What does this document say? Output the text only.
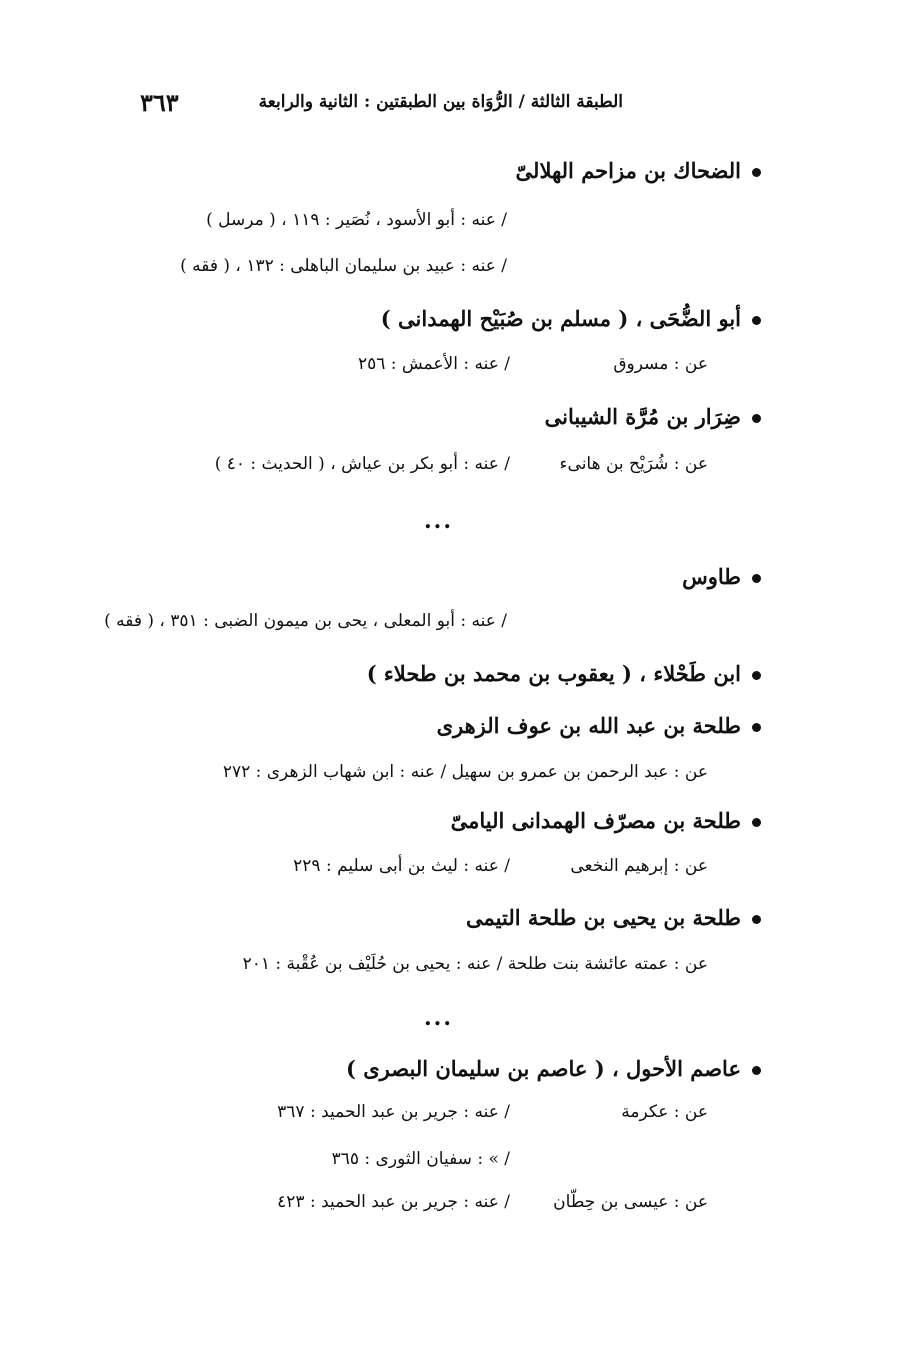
الطبقة الثالثة / الرُّوَاة بين الطبقتين : الثانية والرابعة
٣٦٣
الضحاك بن مزاحم الهلالىّ
/ عنه : أبو الأسود ، نُصَير : ١١٩ ، ( مرسل )
/ عنه : عبيد بن سليمان الباهلى : ١٣٢ ، ( فقه )
أبو الضُّحَى ، ( مسلم بن صُبَيْح الهمدانى )
عن : مسروق
/ عنه : الأعمش : ٢٥٦
ضِرَار بن مُرَّة الشيبانى
عن : شُرَيْح بن هانىء
/ عنه : أبو بكر بن عياش ، ( الحديث : ٤٠ )
...
طاوس
/ عنه : أبو المعلى ، يحى بن ميمون الضبى : ٣٥١ ، ( فقه )
ابن طَحْلاء ، ( يعقوب بن محمد بن طحلاء )
طلحة بن عبد الله بن عوف الزهرى
عن : عبد الرحمن بن عمرو بن سهيل / عنه : ابن شهاب الزهرى : ٢٧٢
طلحة بن مصرّف الهمدانى اليامىّ
عن : إبرهيم النخعى
/ عنه : ليث بن أبى سليم : ٢٢٩
طلحة بن يحيى بن طلحة التيمى
عن : عمته عائشة بنت طلحة / عنه : يحيى بن حُلَيْف بن عُقْبة : ٢٠١
...
عاصم الأحول ، ( عاصم بن سليمان البصرى )
عن : عكرمة
/ عنه : جرير بن عبد الحميد : ٣٦٧
/ » : سفيان الثورى : ٣٦٥
عن : عيسى بن حِطّان
/ عنه : جرير بن عبد الحميد : ٤٢٣
